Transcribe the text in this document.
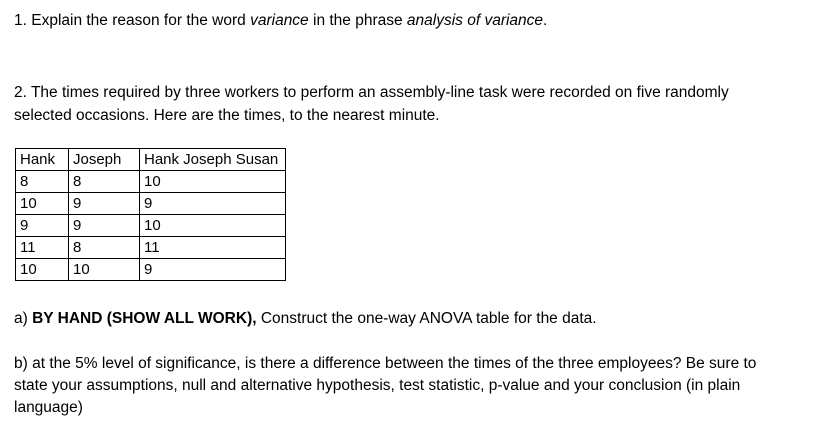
1. Explain the reason for the word variance in the phrase analysis of variance.
2. The times required by three workers to perform an assembly-line task were recorded on five randomly
selected occasions. Here are the times, to the nearest minute.
Hank	Joseph	Hank Joseph Susan
8	8	10
10	9	9
9	9	10
11	8	11
10	10	9
a) BY HAND (SHOW ALL WORK), Construct the one-way ANOVA table for the data.
b) at the 5% level of significance, is there a difference between the times of the three employees? Be sure to
state your assumptions, null and alternative hypothesis, test statistic, p-value and your conclusion (in plain
language)
